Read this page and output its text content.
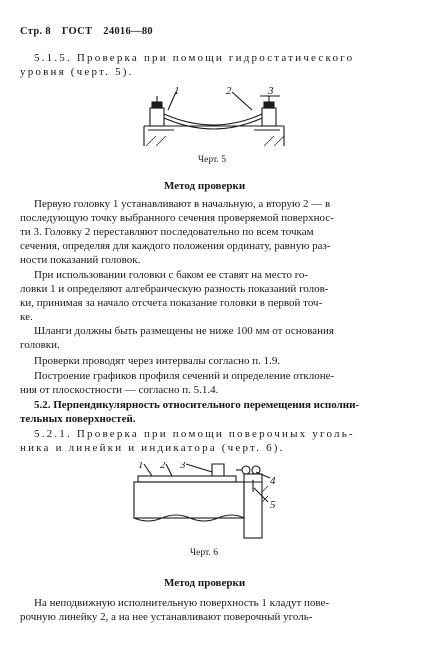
Стр. 8 ГОСТ 24016—80
5.1.5. Проверка при помощи гидростатического
уровня (черт. 5).
1	2	3
Черт. 5
Метод проверки
Первую головку 1 устанавливают в начальную, а вторую 2 — в
последующую точку выбранного сечения проверяемой поверхнос-
ти 3. Головку 2 переставляют последовательно по всем точкам
сечения, определяя для каждого положения ординату, равную раз-
ности показаний головок.
При использовании головки с баком ее ставят на место го-
ловки 1 и определяют алгебраическую разность показаний голов-
ки, принимая за начало отсчета показание головки в первой точ-
ке.
Шланги должны быть размещены не ниже 100 мм от основания
головки.
Проверки проводят через интервалы согласно п. 1.9.
Построение графиков профиля сечений и определение отклоне-
ния от плоскостности — согласно п. 5.1.4.
5.2. Перпендикулярность относительного перемещения исполни-
тельных поверхностей.
5.2.1. Проверка при помощи поверочных уголь-
ника и линейки и индикатора (черт. 6).
1 2 3
4
5
Черт. 6
Метод проверки
На неподвижную исполнительную поверхность 1 кладут пове-
рочную линейку 2, а на нее устанавливают поверочный уголь-
